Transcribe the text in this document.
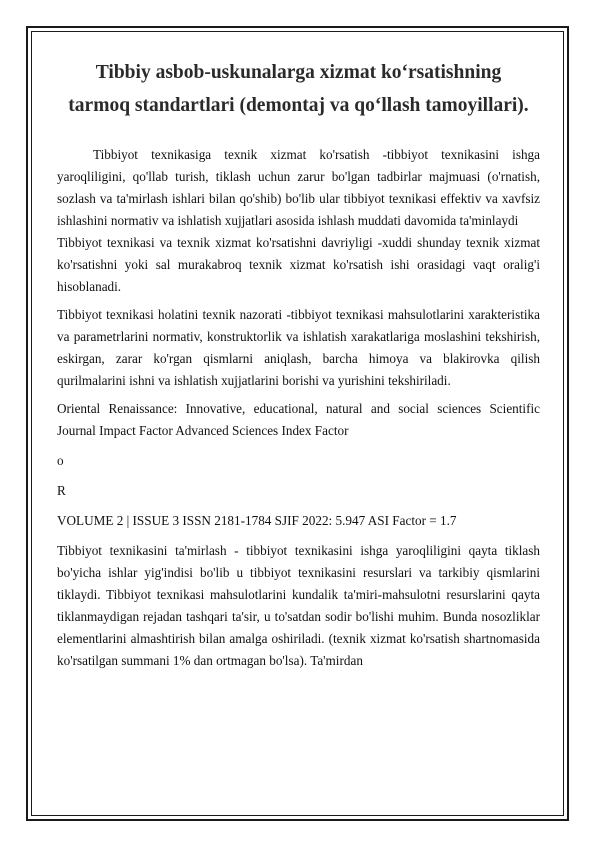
Tibbiy asbob-uskunalarga xizmat ko‘rsatishning
tarmoq standartlari (demontaj va qo‘llash tamoyillari).

Tibbiyot texnikasiga texnik xizmat ko'rsatish -tibbiyot texnikasini ishga yaroqliligini, qo'llab turish, tiklash uchun zarur bo'lgan tadbirlar majmuasi (o'rnatish, sozlash va ta'mirlash ishlari bilan qo'shib) bo'lib ular tibbiyot texnikasi effektiv va xavfsiz ishlashini normativ va ishlatish xujjatlari asosida ishlash muddati davomida ta'minlaydi

Tibbiyot texnikasi va texnik xizmat ko'rsatishni davriyligi -xuddi shunday texnik xizmat ko'rsatishni yoki sal murakabroq texnik xizmat ko'rsatish ishi orasidagi vaqt oralig'i hisoblanadi.

Tibbiyot texnikasi holatini texnik nazorati -tibbiyot texnikasi mahsulotlarini xarakteristika va parametrlarini normativ, konstruktorlik va ishlatish xarakatlariga moslashini tekshirish, eskirgan, zarar ko'rgan qismlarni aniqlash, barcha himoya va blakirovka qilish qurilmalarini ishni va ishlatish xujjatlarini borishi va yurishini tekshiriladi.

Oriental Renaissance: Innovative, educational, natural and social sciences Scientific Journal Impact Factor Advanced Sciences Index Factor

o

R

VOLUME 2 | ISSUE 3 ISSN 2181-1784 SJIF 2022: 5.947 ASI Factor = 1.7

Tibbiyot texnikasini ta'mirlash - tibbiyot texnikasini ishga yaroqliligini qayta tiklash bo'yicha ishlar yig'indisi bo'lib u tibbiyot texnikasini resurslari va tarkibiy qismlarini tiklaydi. Tibbiyot texnikasi mahsulotlarini kundalik ta'miri-mahsulotni resurslarini qayta tiklanmaydigan rejadan tashqari ta'sir, u to'satdan sodir bo'lishi muhim. Bunda nosozliklar elementlarini almashtirish bilan amalga oshiriladi. (texnik xizmat ko'rsatish shartnomasida ko'rsatilgan summani 1% dan ortmagan bo'lsa). Ta'mirdan
